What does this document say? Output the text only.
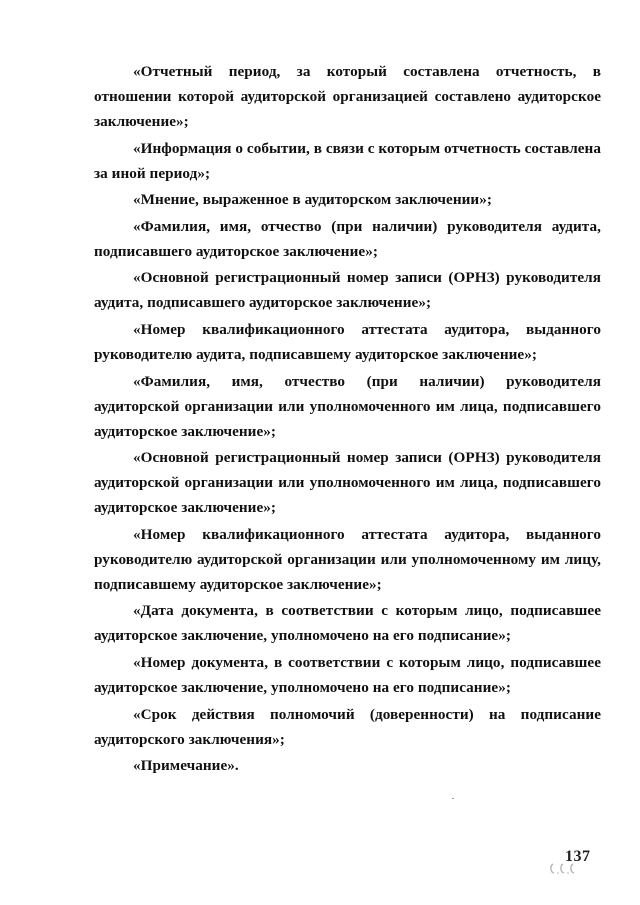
«Отчетный период, за который составлена отчетность, в отношении которой аудиторской организацией составлено аудиторское заключение»;

«Информация о событии, в связи с которым отчетность составлена за иной период»;

«Мнение, выраженное в аудиторском заключении»;

«Фамилия, имя, отчество (при наличии) руководителя аудита, подписавшего аудиторское заключение»;

«Основной регистрационный номер записи (ОРНЗ) руководителя аудита, подписавшего аудиторское заключение»;

«Номер квалификационного аттестата аудитора, выданного руководителю аудита, подписавшему аудиторское заключение»;

«Фамилия, имя, отчество (при наличии) руководителя аудиторской организации или уполномоченного им лица, подписавшего аудиторское заключение»;

«Основной регистрационный номер записи (ОРНЗ) руководителя аудиторской организации или уполномоченного им лица, подписавшего аудиторское заключение»;

«Номер квалификационного аттестата аудитора, выданного руководителю аудиторской организации или уполномоченному им лицу, подписавшему аудиторское заключение»;

«Дата документа, в соответствии с которым лицо, подписавшее аудиторское заключение, уполномочено на его подписание»;

«Номер документа, в соответствии с которым лицо, подписавшее аудиторское заключение, уполномочено на его подписание»;

«Срок действия полномочий (доверенности) на подписание аудиторского заключения»;

«Примечание».

137
